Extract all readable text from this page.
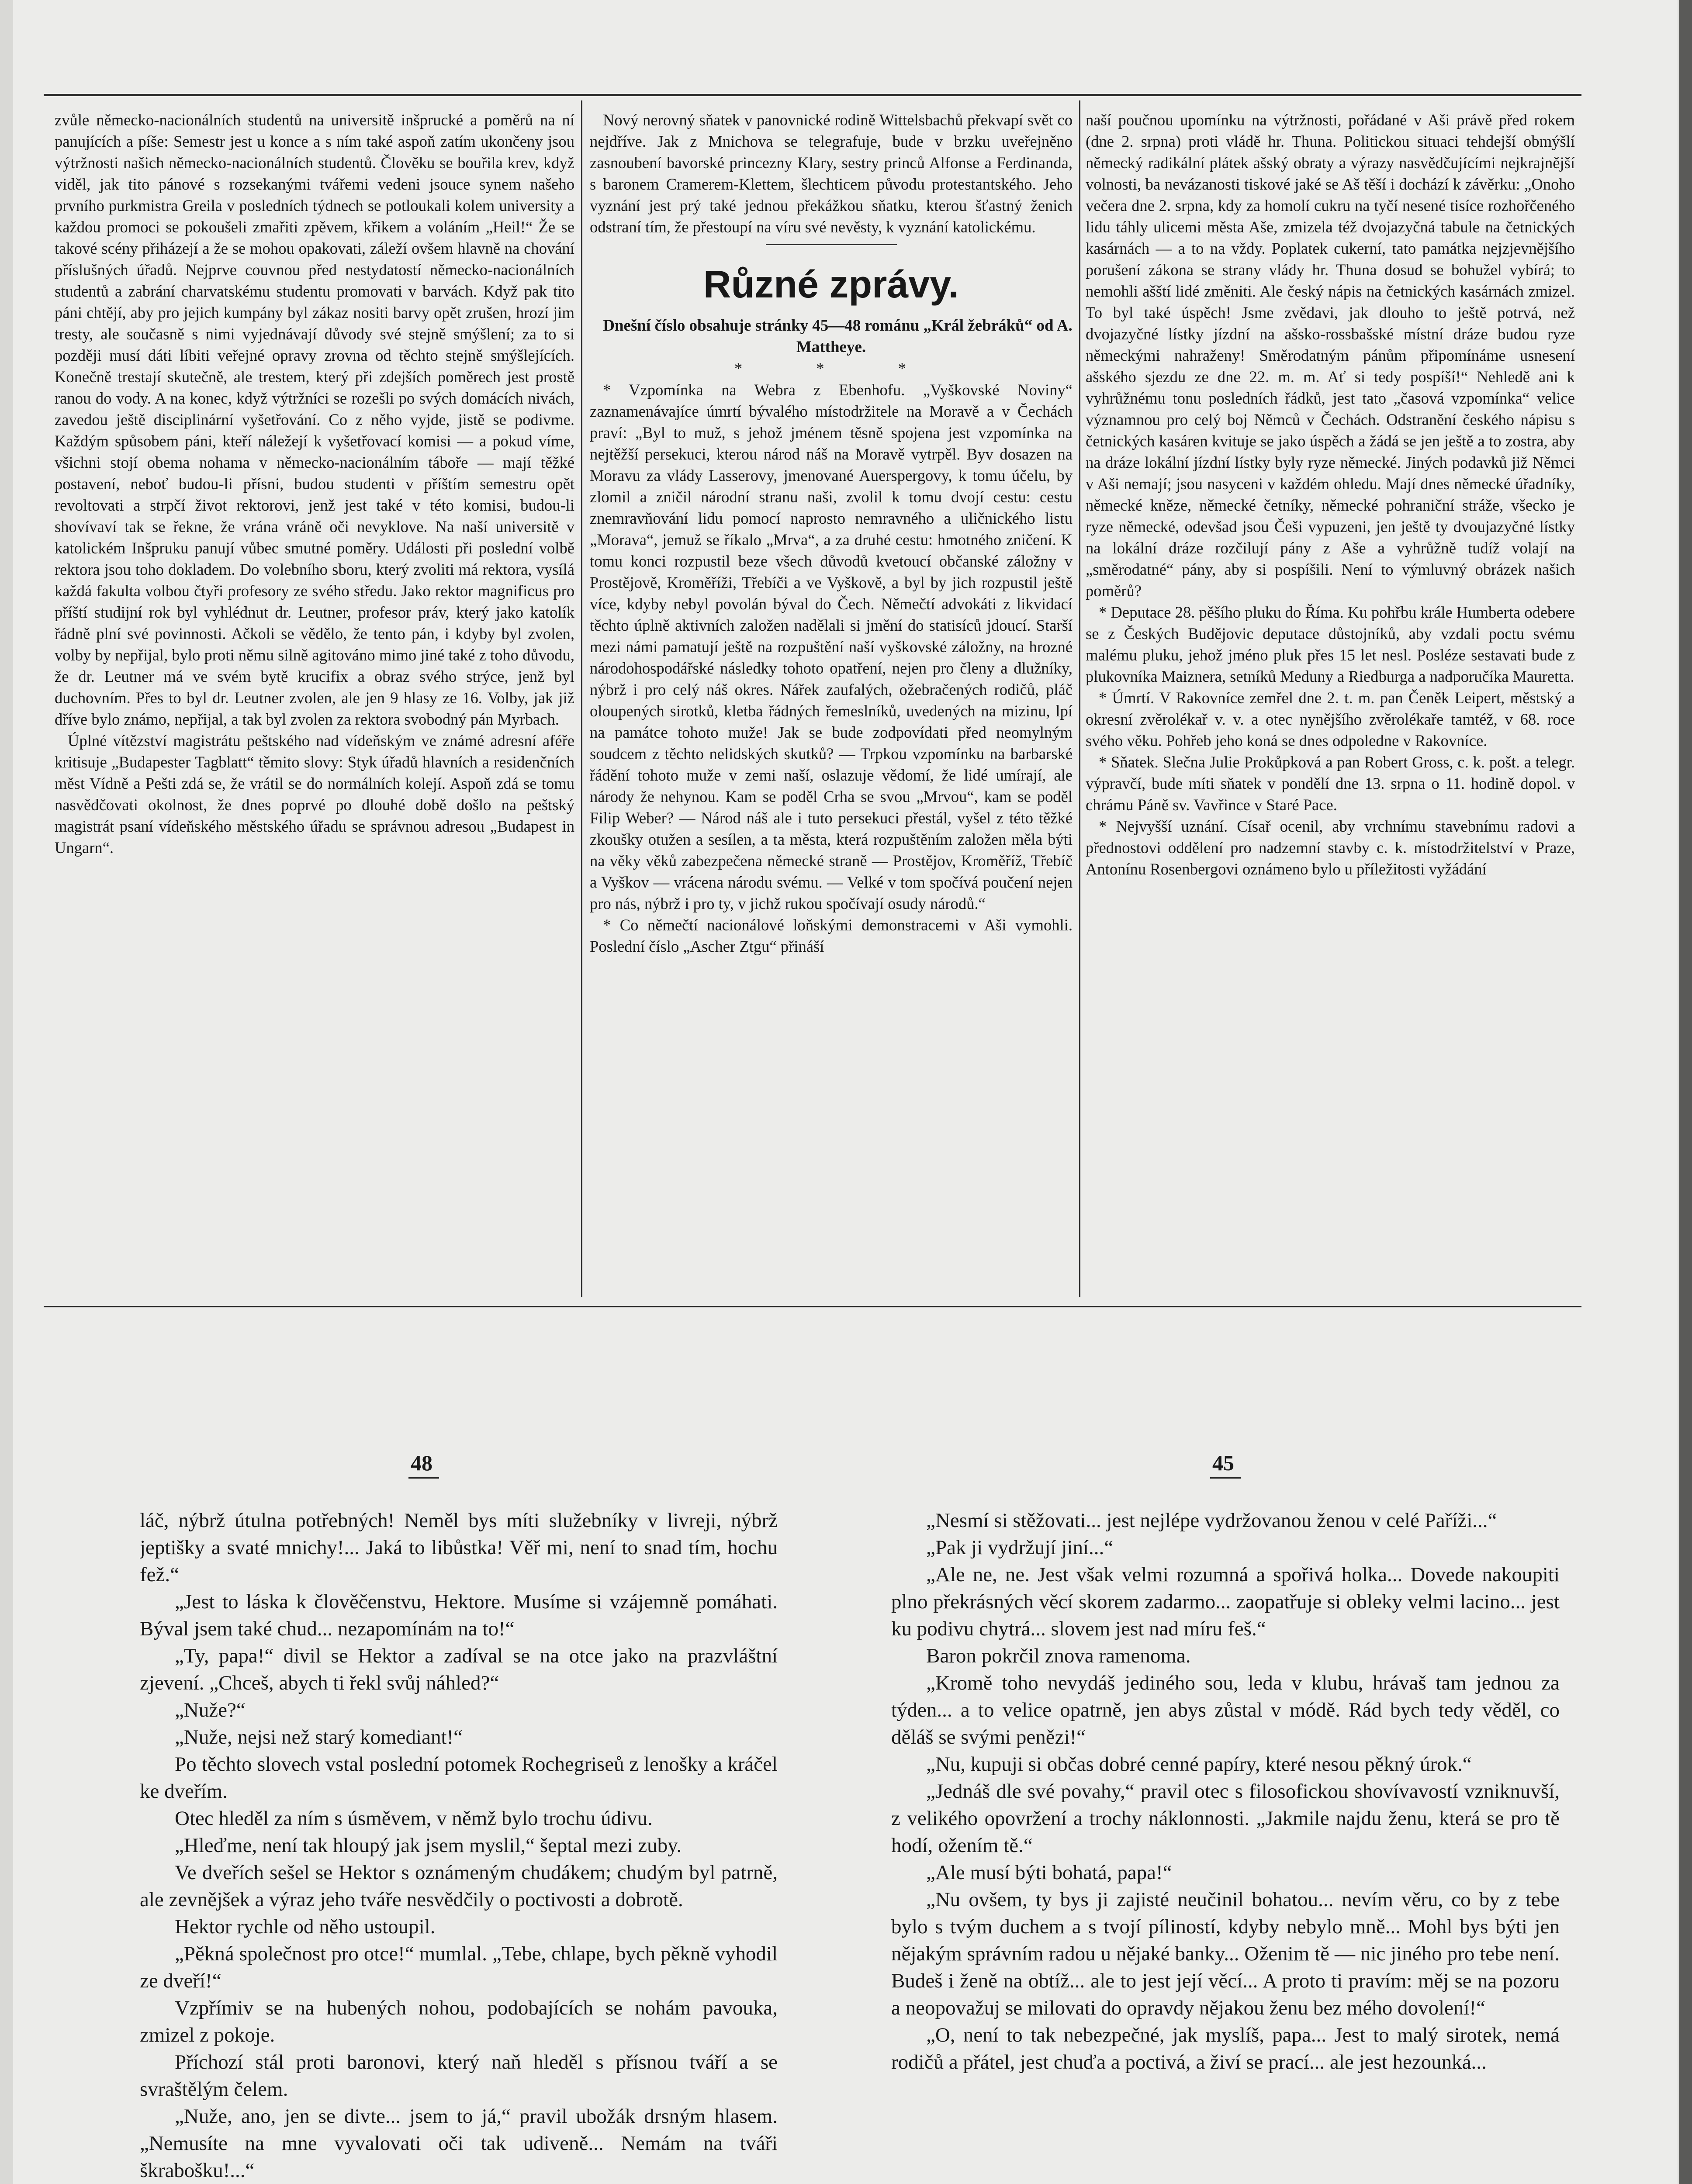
zvůle německo-nacionálních studentů na universitě inšprucké a poměrů na ní panujících a píše: Semestr jest u konce a s ním také aspoň zatím ukončeny jsou výtržnosti našich německo-nacionálních studentů. Člověku se bouřila krev, když viděl, jak tito pánové s rozsekanými tvářemi vedeni jsouce synem našeho prvního purkmistra Greila v posledních týdnech se potloukali kolem university a každou promoci se pokoušeli zmařiti zpěvem, křikem a voláním „Heil!“ Že se takové scény přiházejí a že se mohou opakovati, záleží ovšem hlavně na chování příslušných úřadů. Nejprve couvnou před nestydatostí německo-nacionálních studentů a zabrání charvatskému studentu promovati v barvách. Když pak tito páni chtějí, aby pro jejich kumpány byl zákaz nositi barvy opět zrušen, hrozí jim tresty, ale současně s nimi vyjednávají důvody své stejně smýšlení; za to si později musí dáti líbiti veřejné opravy zrovna od těchto stejně smýšlejících. Konečně trestají skutečně, ale trestem, který při zdejších poměrech jest prostě ranou do vody. A na konec, když výtržníci se rozešli po svých domácích nivách, zavedou ještě disciplinární vyšetřování. Co z něho vyjde, jistě se podivme. Každým spůsobem páni, kteří náležejí k vyšetřovací komisi — a pokud víme, všichni stojí obema nohama v německo-nacionálním táboře — mají těžké postavení, neboť budou-li přísni, budou studenti v příštím semestru opět revoltovati a strpčí život rektorovi, jenž jest také v této komisi, budou-li shovívaví tak se řekne, že vrána vráně oči nevyklove. Na naší universitě v katolickém Inšpruku panují vůbec smutné poměry. Události při poslední volbě rektora jsou toho dokladem. Do volebního sboru, který zvoliti má rektora, vysílá každá fakulta volbou čtyři profesory ze svého středu. Jako rektor magnificus pro příští studijní rok byl vyhlédnut dr. Leutner, profesor práv, který jako katolík řádně plní své povinnosti. Ačkoli se vědělo, že tento pán, i kdyby byl zvolen, volby by nepřijal, bylo proti němu silně agitováno mimo jiné také z toho důvodu, že dr. Leutner má ve svém bytě krucifix a obraz svého strýce, jenž byl duchovním. Přes to byl dr. Leutner zvolen, ale jen 9 hlasy ze 16. Volby, jak již dříve bylo známo, nepřijal, a tak byl zvolen za rektora svobodný pán Myrbach.

Úplné vítězství magistrátu peštského nad vídeňským ve známé adresní aféře kritisuje „Budapester Tagblatt“ těmito slovy: Styk úřadů hlavních a residenčních měst Vídně a Pešti zdá se, že vrátil se do normálních kolejí. Aspoň zdá se tomu nasvědčovati okolnost, že dnes poprvé po dlouhé době došlo na peštský magistrát psaní vídeňského městského úřadu se správnou adresou „Budapest in Ungarn“.

Nový nerovný sňatek v panovnické rodině Wittelsbachů překvapí svět co nejdříve. Jak z Mnichova se telegrafuje, bude v brzku uveřejněno zasnoubení bavorské princezny Klary, sestry princů Alfonse a Ferdinanda, s baronem Cramerem-Klettem, šlechticem původu protestantského. Jeho vyznání jest prý také jednou překážkou sňatku, kterou šťastný ženich odstraní tím, že přestoupí na víru své nevěsty, k vyznání katolickému.

Různé zprávy.

Dnešní číslo obsahuje stránky 45—48 románu „Král žebráků“ od A. Mattheye.

* * *

* Vzpomínka na Webra z Ebenhofu. „Vyškovské Noviny“ zaznamenávajíce úmrtí bývalého místodržitele na Moravě a v Čechách praví: „Byl to muž, s jehož jménem těsně spojena jest vzpomínka na nejtěžší persekuci, kterou národ náš na Moravě vytrpěl. Byv dosazen na Moravu za vlády Lasserovy, jmenované Auerspergovy, k tomu účelu, by zlomil a zničil národní stranu naši, zvolil k tomu dvojí cestu: cestu znemravňování lidu pomocí naprosto nemravného a uličnického listu „Morava“, jemuž se říkalo „Mrva“, a za druhé cestu: hmotného zničení. K tomu konci rozpustil beze všech důvodů kvetoucí občanské záložny v Prostějově, Kroměříži, Třebíči a ve Vyškově, a byl by jich rozpustil ještě více, kdyby nebyl povolán býval do Čech. Němečtí advokáti z likvidací těchto úplně aktivních založen nadělali si jmění do statisíců jdoucí. Starší mezi námi pamatují ještě na rozpuštění naší vyškovské záložny, na hrozné národohospodářské následky tohoto opatření, nejen pro členy a dlužníky, nýbrž i pro celý náš okres. Nářek zaufalých, ožebračených rodičů, pláč oloupených sirotků, kletba řádných řemeslníků, uvedených na mizinu, lpí na památce tohoto muže! Jak se bude zodpovídati před neomylným soudcem z těchto nelidských skutků? — Trpkou vzpomínku na barbarské řádění tohoto muže v zemi naší, oslazuje vědomí, že lidé umírají, ale národy že nehynou. Kam se poděl Crha se svou „Mrvou“, kam se poděl Filip Weber? — Národ náš ale i tuto persekuci přestál, vyšel z této těžké zkoušky otužen a sesílen, a ta města, která rozpuštěním založen měla býti na věky věků zabezpečena německé straně — Prostějov, Kroměříž, Třebíč a Vyškov — vrácena národu svému. — Velké v tom spočívá poučení nejen pro nás, nýbrž i pro ty, v jichž rukou spočívají osudy národů.“

* Co němečtí nacionálové loňskými demonstracemi v Aši vymohli. Poslední číslo „Ascher Ztgu“ přináší

naší poučnou upomínku na výtržnosti, pořádané v Aši právě před rokem (dne 2. srpna) proti vládě hr. Thuna. Politickou situaci tehdejší obmýšlí německý radikální plátek ašský obraty a výrazy nasvědčujícími nejkrajnější volnosti, ba nevázanosti tiskové jaké se Aš těší i dochází k závěrku: „Onoho večera dne 2. srpna, kdy za homolí cukru na tyčí nesené tisíce rozhořčeného lidu táhly ulicemi města Aše, zmizela též dvojazyčná tabule na četnických kasárnách — a to na vždy. Poplatek cukerní, tato památka nejzjevnějšího porušení zákona se strany vlády hr. Thuna dosud se bohužel vybírá; to nemohli ašští lidé změniti. Ale český nápis na četnických kasárnách zmizel. To byl také úspěch! Jsme zvědavi, jak dlouho to ještě potrvá, než dvojazyčné lístky jízdní na ašsko-rossbašské místní dráze budou ryze německými nahraženy! Směrodatným pánům připomínáme usnesení ašského sjezdu ze dne 22. m. m. Ať si tedy pospíší!“ Nehledě ani k vyhrůžnému tonu posledních řádků, jest tato „časová vzpomínka“ velice významnou pro celý boj Němců v Čechách. Odstranění českého nápisu s četnických kasáren kvituje se jako úspěch a žádá se jen ještě a to zostra, aby na dráze lokální jízdní lístky byly ryze německé. Jiných podavků již Němci v Aši nemají; jsou nasyceni v každém ohledu. Mají dnes německé úřadníky, německé kněze, německé četníky, německé pohraniční stráže, všecko je ryze německé, odevšad jsou Češi vypuzeni, jen ještě ty dvoujazyčné lístky na lokální dráze rozčilují pány z Aše a vyhrůžně tudíž volají na „směrodatné“ pány, aby si pospíšili. Není to výmluvný obrázek našich poměrů?

* Deputace 28. pěšího pluku do Říma. Ku pohřbu krále Humberta odebere se z Českých Budějovic deputace důstojníků, aby vzdali poctu svému malému pluku, jehož jméno pluk přes 15 let nesl. Posléze sestavati bude z plukovníka Maiznera, setníků Meduny a Riedburga a nadporučíka Mauretta.

* Úmrtí. V Rakovníce zemřel dne 2. t. m. pan Čeněk Leipert, městský a okresní zvěrolékař v. v. a otec nynějšího zvěrolékaře tamtéž, v 68. roce svého věku. Pohřeb jeho koná se dnes odpoledne v Rakovníce.

* Sňatek. Slečna Julie Prokůpková a pan Robert Gross, c. k. pošt. a telegr. výpravčí, bude míti sňatek v pondělí dne 13. srpna o 11. hodině dopol. v chrámu Páně sv. Vavřince v Staré Pace.

* Nejvyšší uznání. Císař ocenil, aby vrchnímu stavebnímu radovi a přednostovi oddělení pro nadzemní stavby c. k. místodržitelství v Praze, Antonínu Rosenbergovi oznámeno bylo u příležitosti vyžádání

48	45

láč, nýbrž útulna potřebných! Neměl bys míti služebníky v livreji, nýbrž jeptišky a svaté mnichy!... Jaká to libůstka! Věř mi, není to snad tím, hochu fež.“

„Jest to láska k člověčenstvu, Hektore. Musíme si vzájemně pomáhati. Býval jsem také chud... nezapomínám na to!“

„Ty, papa!“ divil se Hektor a zadíval se na otce jako na prazvláštní zjevení. „Chceš, abych ti řekl svůj náhled?“

„Nuže?“

„Nuže, nejsi než starý komediant!“

Po těchto slovech vstal poslední potomek Rochegriseů z lenošky a kráčel ke dveřím.

Otec hleděl za ním s úsměvem, v němž bylo trochu údivu.

„Hleďme, není tak hloupý jak jsem myslil,“ šeptal mezi zuby.

Ve dveřích sešel se Hektor s oznámeným chudákem; chudým byl patrně, ale zevnějšek a výraz jeho tváře nesvědčily o poctivosti a dobrotě.

Hektor rychle od něho ustoupil.

„Pěkná společnost pro otce!“ mumlal. „Tebe, chlape, bych pěkně vyhodil ze dveří!“

Vzpřímiv se na hubených nohou, podobajících se nohám pavouka, zmizel z pokoje.

Příchozí stál proti baronovi, který naň hleděl s přísnou tváří a se svraštělým čelem.

„Nuže, ano, jen se divte... jsem to já,“ pravil ubožák drsným hlasem. „Nemusíte na mne vyvalovati oči tak udiveně... Nemám na tváři škrabošku!...“

„Nesmí si stěžovati... jest nejlépe vydržovanou ženou v celé Paříži...“

„Pak ji vydržují jiní...“

„Ale ne, ne. Jest však velmi rozumná a spořivá holka... Dovede nakoupiti plno překrásných věcí skorem zadarmo... zaopatřuje si obleky velmi lacino... jest ku podivu chytrá... slovem jest nad míru feš.“

Baron pokrčil znova ramenoma.

„Kromě toho nevydáš jediného sou, leda v klubu, hrávaš tam jednou za týden... a to velice opatrně, jen abys zůstal v módě. Rád bych tedy věděl, co děláš se svými penězi!“

„Nu, kupuji si občas dobré cenné papíry, které nesou pěkný úrok.“

„Jednáš dle své povahy,“ pravil otec s filosofickou shovívavostí vzniknuvší, z velikého opovržení a trochy náklonnosti. „Jakmile najdu ženu, která se pro tě hodí, ožením tě.“

„Ale musí býti bohatá, papa!“

„Nu ovšem, ty bys ji zajisté neučinil bohatou... nevím věru, co by z tebe bylo s tvým duchem a s tvojí píliností, kdyby nebylo mně... Mohl bys býti jen nějakým správním radou u nějaké banky... Oženim tě — nic jiného pro tebe není. Budeš i ženě na obtíž... ale to jest její věcí... A proto ti pravím: měj se na pozoru a neopovažuj se milovati do opravdy nějakou ženu bez mého dovolení!“

„O, není to tak nebezpečné, jak myslíš, papa... Jest to malý sirotek, nemá rodičů a přátel, jest chuďa a poctivá, a živí se prací... ale jest hezounká...
